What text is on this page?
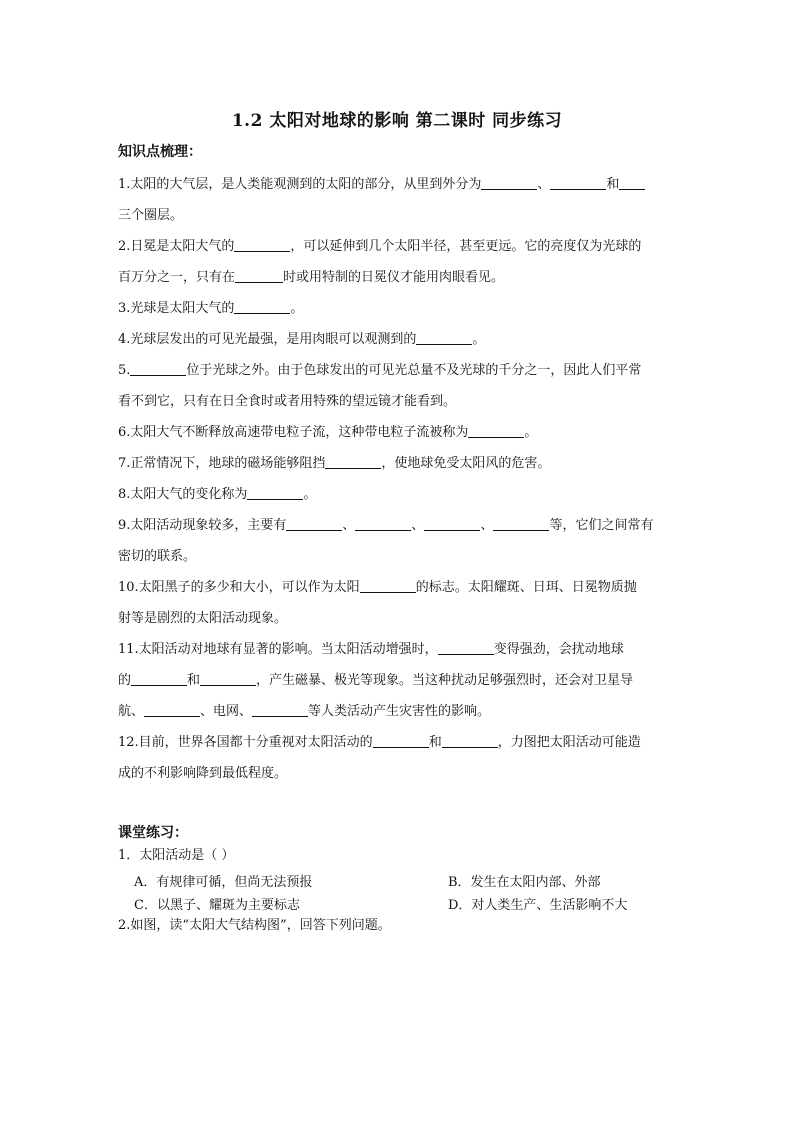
1.2 太阳对地球的影响 第二课时 同步练习
知识点梳理：
1.太阳的大气层，是人类能观测到的太阳的部分，从里到外分为	、	和
三个圈层。
2.日冕是太阳大气的	，可以延伸到几个太阳半径，甚至更远。它的亮度仅为光球的
百万分之一，只有在	时或用特制的日冕仪才能用肉眼看见。
3.光球是太阳大气的	。
4.光球层发出的可见光最强，是用肉眼可以观测到的	。
5.	位于光球之外。由于色球发出的可见光总量不及光球的千分之一，因此人们平常
看不到它，只有在日全食时或者用特殊的望远镜才能看到。
6.太阳大气不断释放高速带电粒子流，这种带电粒子流被称为	。
7.正常情况下，地球的磁场能够阻挡	，使地球免受太阳风的危害。
8.太阳大气的变化称为	。
9.太阳活动现象较多，主要有	、	、	、	等，它们之间常有
密切的联系。
10.太阳黑子的多少和大小，可以作为太阳	的标志。太阳耀斑、日珥、日冕物质抛
射等是剧烈的太阳活动现象。
11.太阳活动对地球有显著的影响。当太阳活动增强时，	变得强劲，会扰动地球
的	和	，产生磁暴、极光等现象。当这种扰动足够强烈时，还会对卫星导
航、	、电网、	等人类活动产生灾害性的影响。
12.目前，世界各国都十分重视对太阳活动的	和	，力图把太阳活动可能造
成的不利影响降到最低程度。
课堂练习：
1．太阳活动是（ ）
A．有规律可循，但尚无法预报	B．发生在太阳内部、外部
C．以黑子、耀斑为主要标志	D．对人类生产、生活影响不大
2.如图，读“太阳大气结构图”，回答下列问题。
